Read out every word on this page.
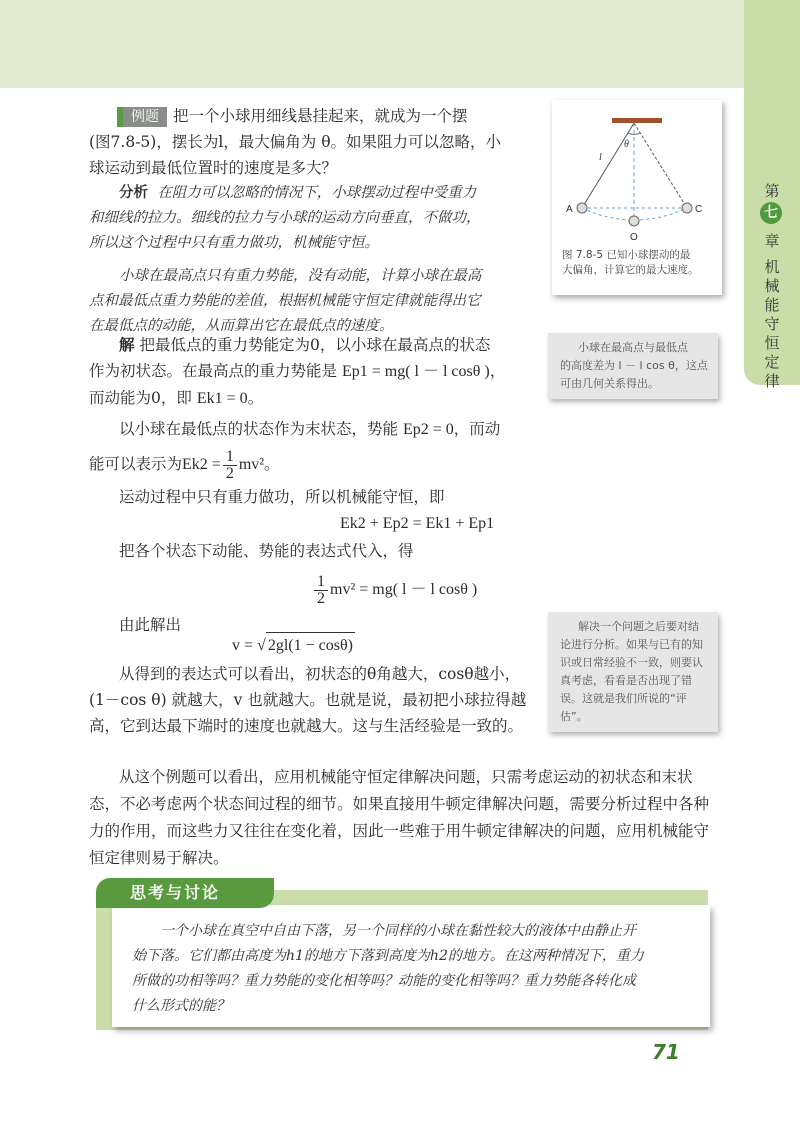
第
七
章
机
械
能
守
恒
定
律
例题 把一个小球用细线悬挂起来，就成为一个摆
(图7.8-5)，摆长为l，最大偏角为 θ。如果阻力可以忽略，小
球运动到最低位置时的速度是多大？
分析 在阻力可以忽略的情况下，小球摆动过程中受重力
和细线的拉力。细线的拉力与小球的运动方向垂直，不做功，
所以这个过程中只有重力做功，机械能守恒。
小球在最高点只有重力势能，没有动能，计算小球在最高
点和最低点重力势能的差值，根据机械能守恒定律就能得出它
在最低点的动能，从而算出它在最低点的速度。
解 把最低点的重力势能定为0，以小球在最高点的状态
作为初状态。在最高点的重力势能是 Ep1 = mg( l － l cosθ )，
而动能为0，即 Ek1 = 0。
以小球在最低点的状态作为末状态，势能 Ep2 = 0，而动
能可以表示为$Ek2 = \frac{1}{2} mv^2$。
运动过程中只有重力做功，所以机械能守恒，即
Ek2 + Ep2 = Ek1 + Ep1
把各个状态下动能、势能的表达式代入，得
$\frac{1}{2} mv^2 = mg$( l － l cosθ )
由此解出
v = √ 2gl(1 − cosθ)
从得到的表达式可以看出，初状态的θ角越大，cosθ越小，
(1－cos θ) 就越大，v 也就越大。也就是说，最初把小球拉得越
高，它到达最下端时的速度也就越大。这与生活经验是一致的。
从这个例题可以看出，应用机械能守恒定律解决问题，只需考虑运动的初状态和末状
态，不必考虑两个状态间过程的细节。如果直接用牛顿定律解决问题，需要分析过程中各种
力的作用，而这些力又往往在变化着，因此一些难于用牛顿定律解决的问题，应用机械能守
恒定律则易于解决。
θ
l
A	C
O
图 7.8-5 已知小球摆动的最
大偏角，计算它的最大速度。
小球在最高点与最低点
的高度差为 l － l cos θ，这点
可由几何关系得出。
解决一个问题之后要对结
论进行分析。如果与已有的知
识或日常经验不一致，则要认
真考虑，看看是否出现了错
误。这就是我们所说的“评
估”。
一个小球在真空中自由下落，另一个同样的小球在黏性较大的液体中由静止开
始下落。它们都由高度为h1的地方下落到高度为h2的地方。在这两种情况下，重力
所做的功相等吗？重力势能的变化相等吗？动能的变化相等吗？重力势能各转化成
什么形式的能？
思考与讨论
71
